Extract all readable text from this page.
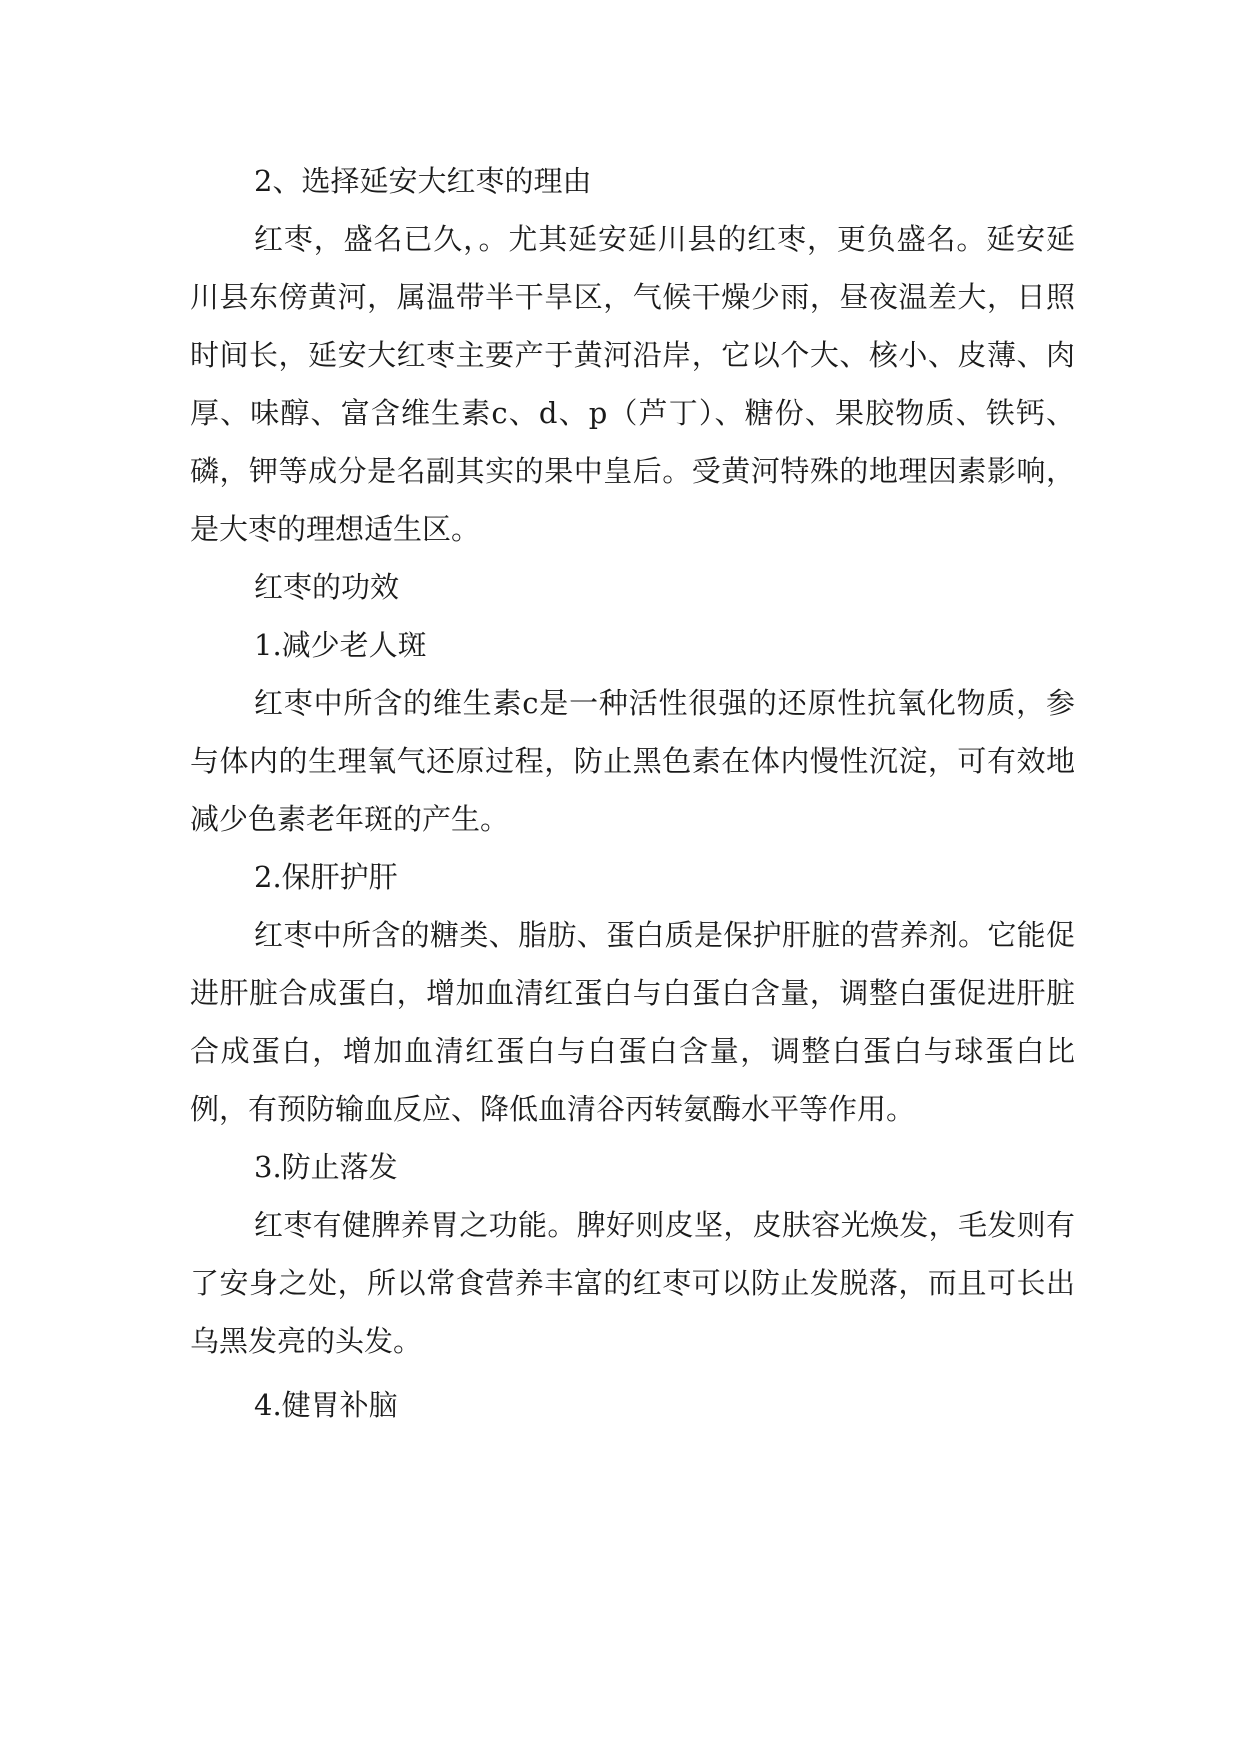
2、选择延安大红枣的理由

红枣，盛名已久，。尤其延安延川县的红枣，更负盛名。延安延川县东傍黄河，属温带半干旱区，气候干燥少雨，昼夜温差大，日照时间长，延安大红枣主要产于黄河沿岸，它以个大、核小、皮薄、肉厚、味醇、富含维生素c、d、p（芦丁）、糖份、果胶物质、铁钙、磷，钾等成分是名副其实的果中皇后。受黄河特殊的地理因素影响，是大枣的理想适生区。

红枣的功效

1.减少老人斑

红枣中所含的维生素c是一种活性很强的还原性抗氧化物质，参与体内的生理氧气还原过程，防止黑色素在体内慢性沉淀，可有效地减少色素老年斑的产生。

2.保肝护肝

红枣中所含的糖类、脂肪、蛋白质是保护肝脏的营养剂。它能促进肝脏合成蛋白，增加血清红蛋白与白蛋白含量，调整白蛋促进肝脏合成蛋白，增加血清红蛋白与白蛋白含量，调整白蛋白与球蛋白比例，有预防输血反应、降低血清谷丙转氨酶水平等作用。

3.防止落发

红枣有健脾养胃之功能。脾好则皮坚，皮肤容光焕发，毛发则有了安身之处，所以常食营养丰富的红枣可以防止发脱落，而且可长出乌黑发亮的头发。

4.健胃补脑
